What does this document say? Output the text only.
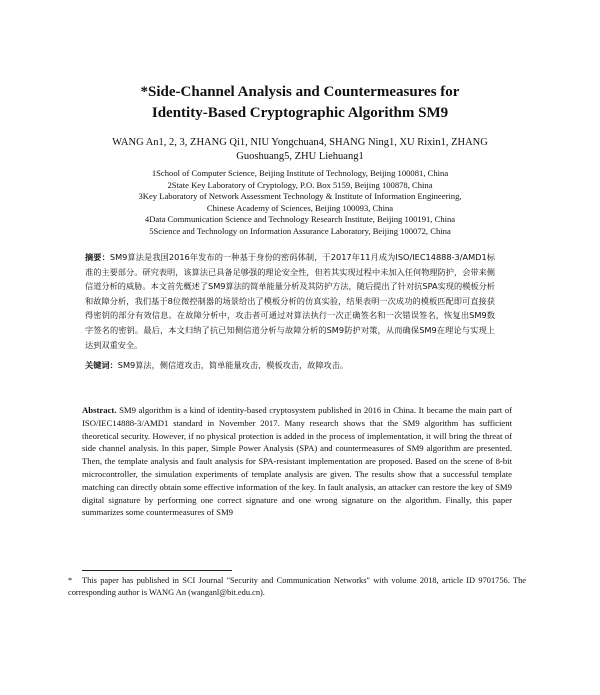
*Side-Channel Analysis and Countermeasures for
Identity-Based Cryptographic Algorithm SM9
WANG An1, 2, 3, ZHANG Qi1, NIU Yongchuan4, SHANG Ning1, XU Rixin1, ZHANG
Guoshuang5, ZHU Liehuang1
1School of Computer Science, Beijing Institute of Technology, Beijing 100081, China
2State Key Laboratory of Cryptology, P.O. Box 5159, Beijing 100878, China
3Key Laboratory of Network Assessment Technology & Institute of Information Engineering,
Chinese Academy of Sciences, Beijing 100093, China
4Data Communication Science and Technology Research Institute, Beijing 100191, China
5Science and Technology on Information Assurance Laboratory, Beijing 100072, China
摘要：SM9算法是我国2016年发布的一种基于身份的密码体制，于2017年11月成为ISO/IEC14888-3/AMD1标准的主要部分。研究表明，该算法已具备足够强的理论安全性，但若其实现过程中未加入任何物理防护，会带来侧信道分析的威胁。本文首先概述了SM9算法的简单能量分析及其防护方法，随后提出了针对抗SPA实现的模板分析和故障分析，我们基于8位微控制器的场景给出了模板分析的仿真实验，结果表明一次成功的模板匹配即可直接获得密钥的部分有效信息。在故障分析中，攻击者可通过对算法执行一次正确签名和一次错误签名，恢复出SM9数字签名的密钥。最后，本文归纳了抗已知侧信道分析与故障分析的SM9防护对策，从而确保SM9在理论与实现上达到双重安全。
关键词：SM9算法，侧信道攻击，简单能量攻击，模板攻击，故障攻击。
Abstract. SM9 algorithm is a kind of identity-based cryptosystem published in 2016 in China. It became the main part of ISO/IEC14888-3/AMD1 standard in November 2017. Many research shows that the SM9 algorithm has sufficient theoretical security. However, if no physical protection is added in the process of implementation, it will bring the threat of side channel analysis. In this paper, Simple Power Analysis (SPA) and countermeasures of SM9 algorithm are presented. Then, the template analysis and fault analysis for SPA-resistant implementation are proposed. Based on the scene of 8-bit microcontroller, the simulation experiments of template analysis are given. The results show that a successful template matching can directly obtain some effective information of the key. In fault analysis, an attacker can restore the key of SM9 digital signature by performing one correct signature and one wrong signature on the algorithm. Finally, this paper summarizes some countermeasures of SM9
* This paper has published in SCI Journal "Security and Communication Networks" with volume 2018, article ID 9701756. The corresponding author is WANG An (wanganl@bit.edu.cn).
